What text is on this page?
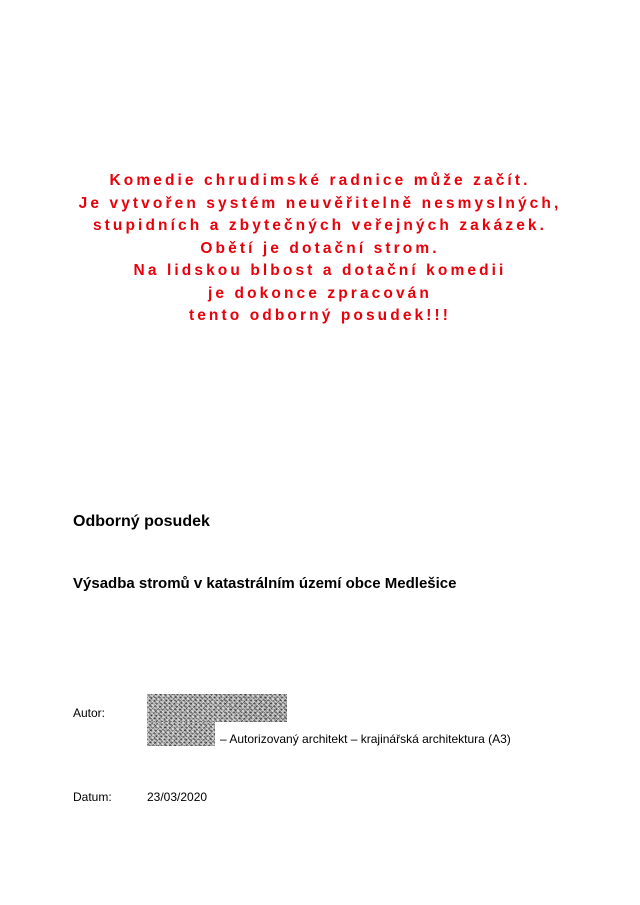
Komedie chrudimské radnice může začít.
Je vytvořen systém neuvěřitelně nesmyslných,
stupidních a zbytečných veřejných zakázek.
Obětí je dotační strom.
Na lidskou blbost a dotační komedii
je dokonce zpracován
tento odborný posudek!!!
Odborný posudek
Výsadba stromů v katastrálním území obce Medlešice
Autor:
– Autorizovaný architekt – krajinářská architektura (A3)
Datum:	23/03/2020
